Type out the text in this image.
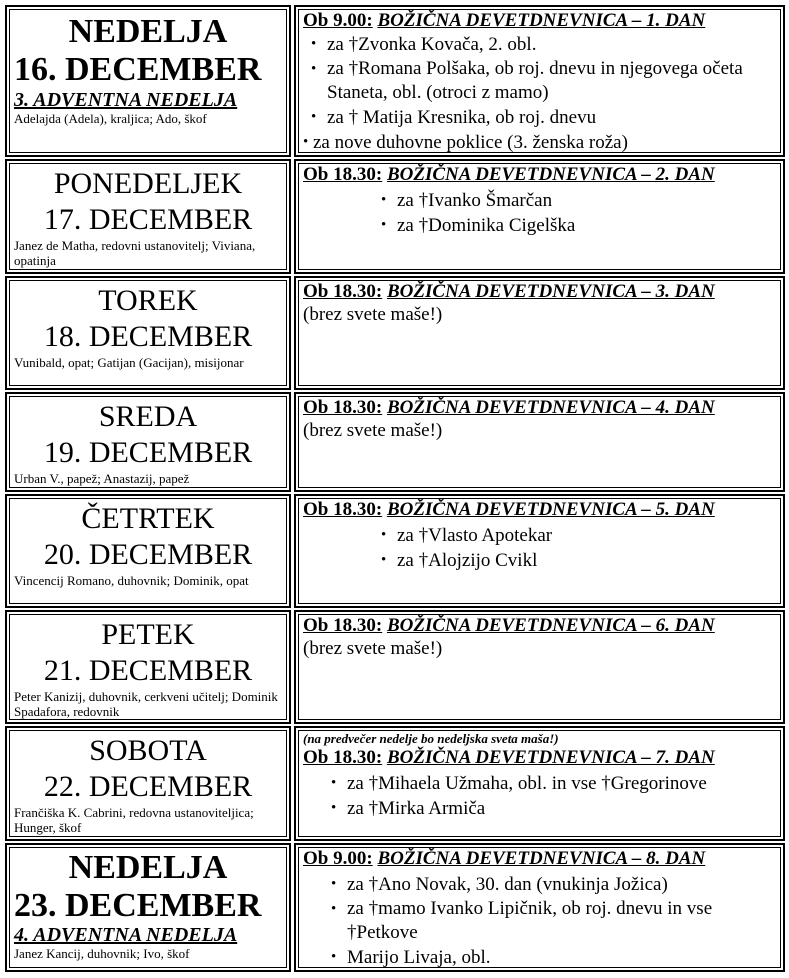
NEDELJA
16. DECEMBER
3. ADVENTNA NEDELJA
Adelajda (Adela), kraljica; Ado, škof
Ob 9.00: BOŽIČNA DEVETDNEVNICA – 1. DAN
• za †Zvonka Kovača, 2. obl.
• za †Romana Polšaka, ob roj. dnevu in njegovega očeta Staneta, obl. (otroci z mamo)
• za † Matija Kresnika, ob roj. dnevu
• za nove duhovne poklice (3. ženska roža)
PONEDELJEK
17. DECEMBER
Janez de Matha, redovni ustanovitelj; Viviana, opatinja
Ob 18.30: BOŽIČNA DEVETDNEVNICA – 2. DAN
• za †Ivanko Šmarčan
• za †Dominika Cigelška
TOREK
18. DECEMBER
Vunibald, opat; Gatijan (Gacijan), misijonar
Ob 18.30: BOŽIČNA DEVETDNEVNICA – 3. DAN
(brez svete maše!)
SREDA
19. DECEMBER
Urban V., papež; Anastazij, papež
Ob 18.30: BOŽIČNA DEVETDNEVNICA – 4. DAN
(brez svete maše!)
ČETRTEK
20. DECEMBER
Vincencij Romano, duhovnik; Dominik, opat
Ob 18.30: BOŽIČNA DEVETDNEVNICA – 5. DAN
• za †Vlasto Apotekar
• za †Alojzijo Cvikl
PETEK
21. DECEMBER
Peter Kanizij, duhovnik, cerkveni učitelj; Dominik Spadafora, redovnik
Ob 18.30: BOŽIČNA DEVETDNEVNICA – 6. DAN
(brez svete maše!)
SOBOTA
22. DECEMBER
Frančiška K. Cabrini, redovna ustanoviteljica; Hunger, škof
(na predvečer nedelje bo nedeljska sveta maša!)
Ob 18.30: BOŽIČNA DEVETDNEVNICA – 7. DAN
• za †Mihaela Užmaha, obl. in vse †Gregorinove
• za †Mirka Armiča
NEDELJA
23. DECEMBER
4. ADVENTNA NEDELJA
Janez Kancij, duhovnik; Ivo, škof
Ob 9.00: BOŽIČNA DEVETDNEVNICA – 8. DAN
• za †Ano Novak, 30. dan (vnukinja Jožica)
• za †mamo Ivanko Lipičnik, ob roj. dnevu in vse †Petkove
• Marijo Livaja, obl.
